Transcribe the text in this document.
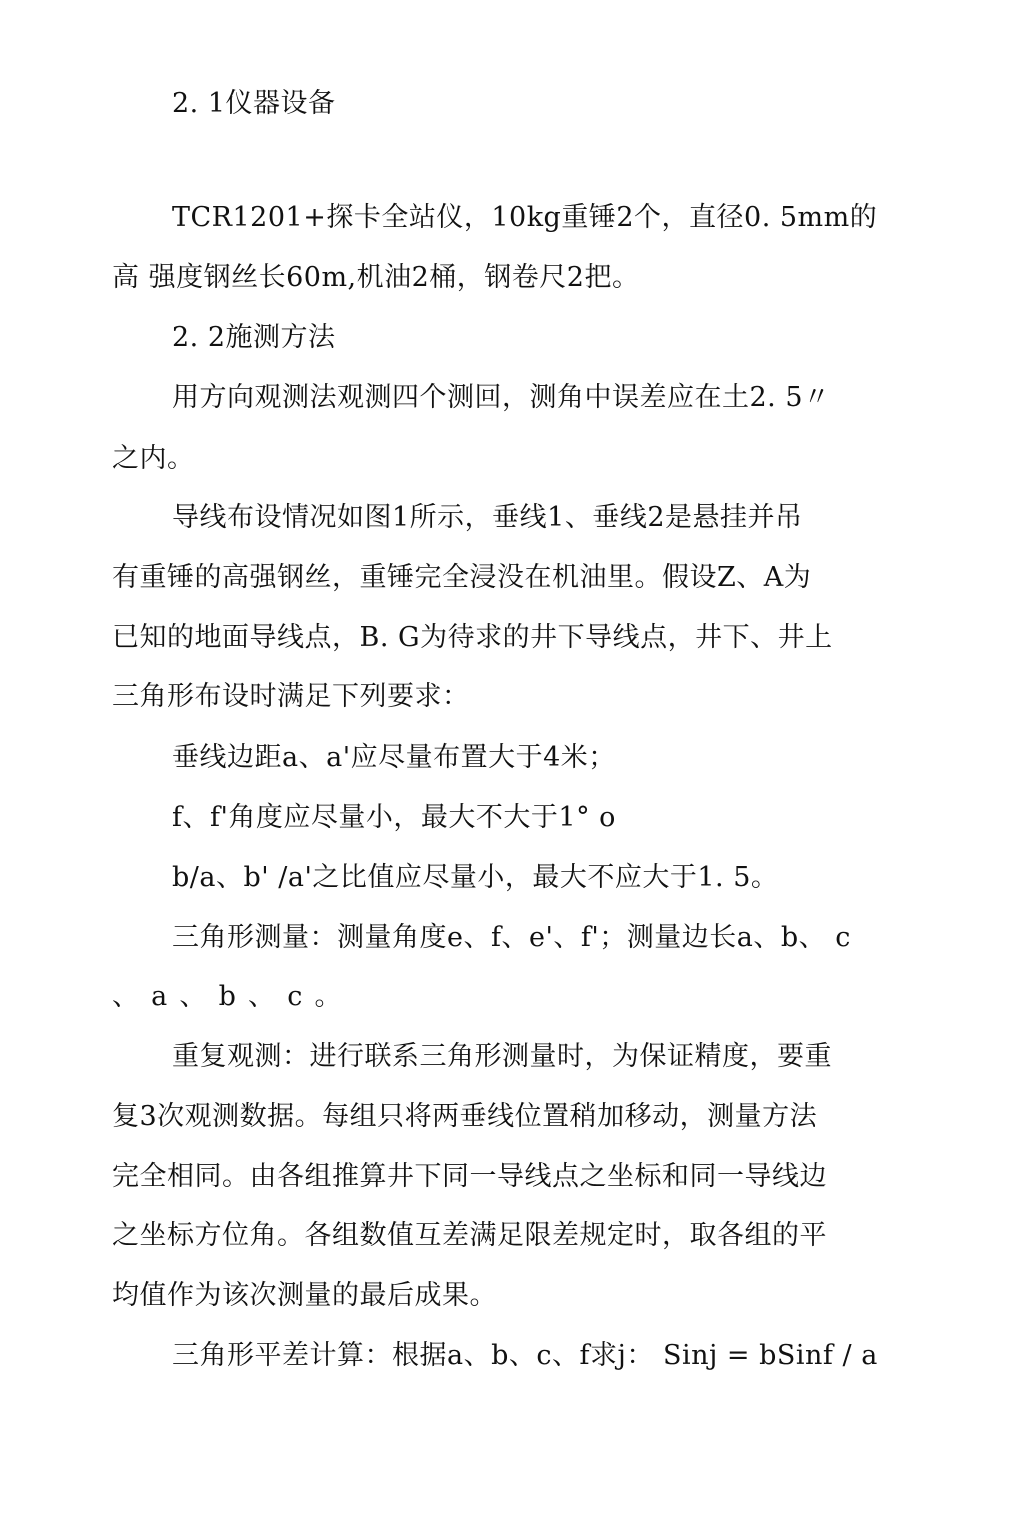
2. 1仪器设备
TCR1201+探卡全站仪，10kg重锤2个，直径0. 5mm的
高 强度钢丝长60m,机油2桶，钢卷尺2把。
2. 2施测方法
用方向观测法观测四个测回，测角中误差应在土2. 5〃
之内。
导线布设情况如图1所示，垂线1、垂线2是悬挂并吊
有重锤的高强钢丝，重锤完全浸没在机油里。假设Z、A为
已知的地面导线点，B. G为待求的井下导线点，井下、井上
三角形布设时满足下列要求：
垂线边距a、a'应尽量布置大于4米；
f、f'角度应尽量小，最大不大于1° o
b/a、b' /a'之比值应尽量小，最大不应大于1. 5。
三角形测量：测量角度e、f、e'、f'；测量边长a、b、 c
、 a 、 b 、 c 。
重复观测：进行联系三角形测量时，为保证精度，要重
复3次观测数据。每组只将两垂线位置稍加移动，测量方法
完全相同。由各组推算井下同一导线点之坐标和同一导线边
之坐标方位角。各组数值互差满足限差规定时，取各组的平
均值作为该次测量的最后成果。
三角形平差计算：根据a、b、c、f求j： Sinj = bSinf / a
